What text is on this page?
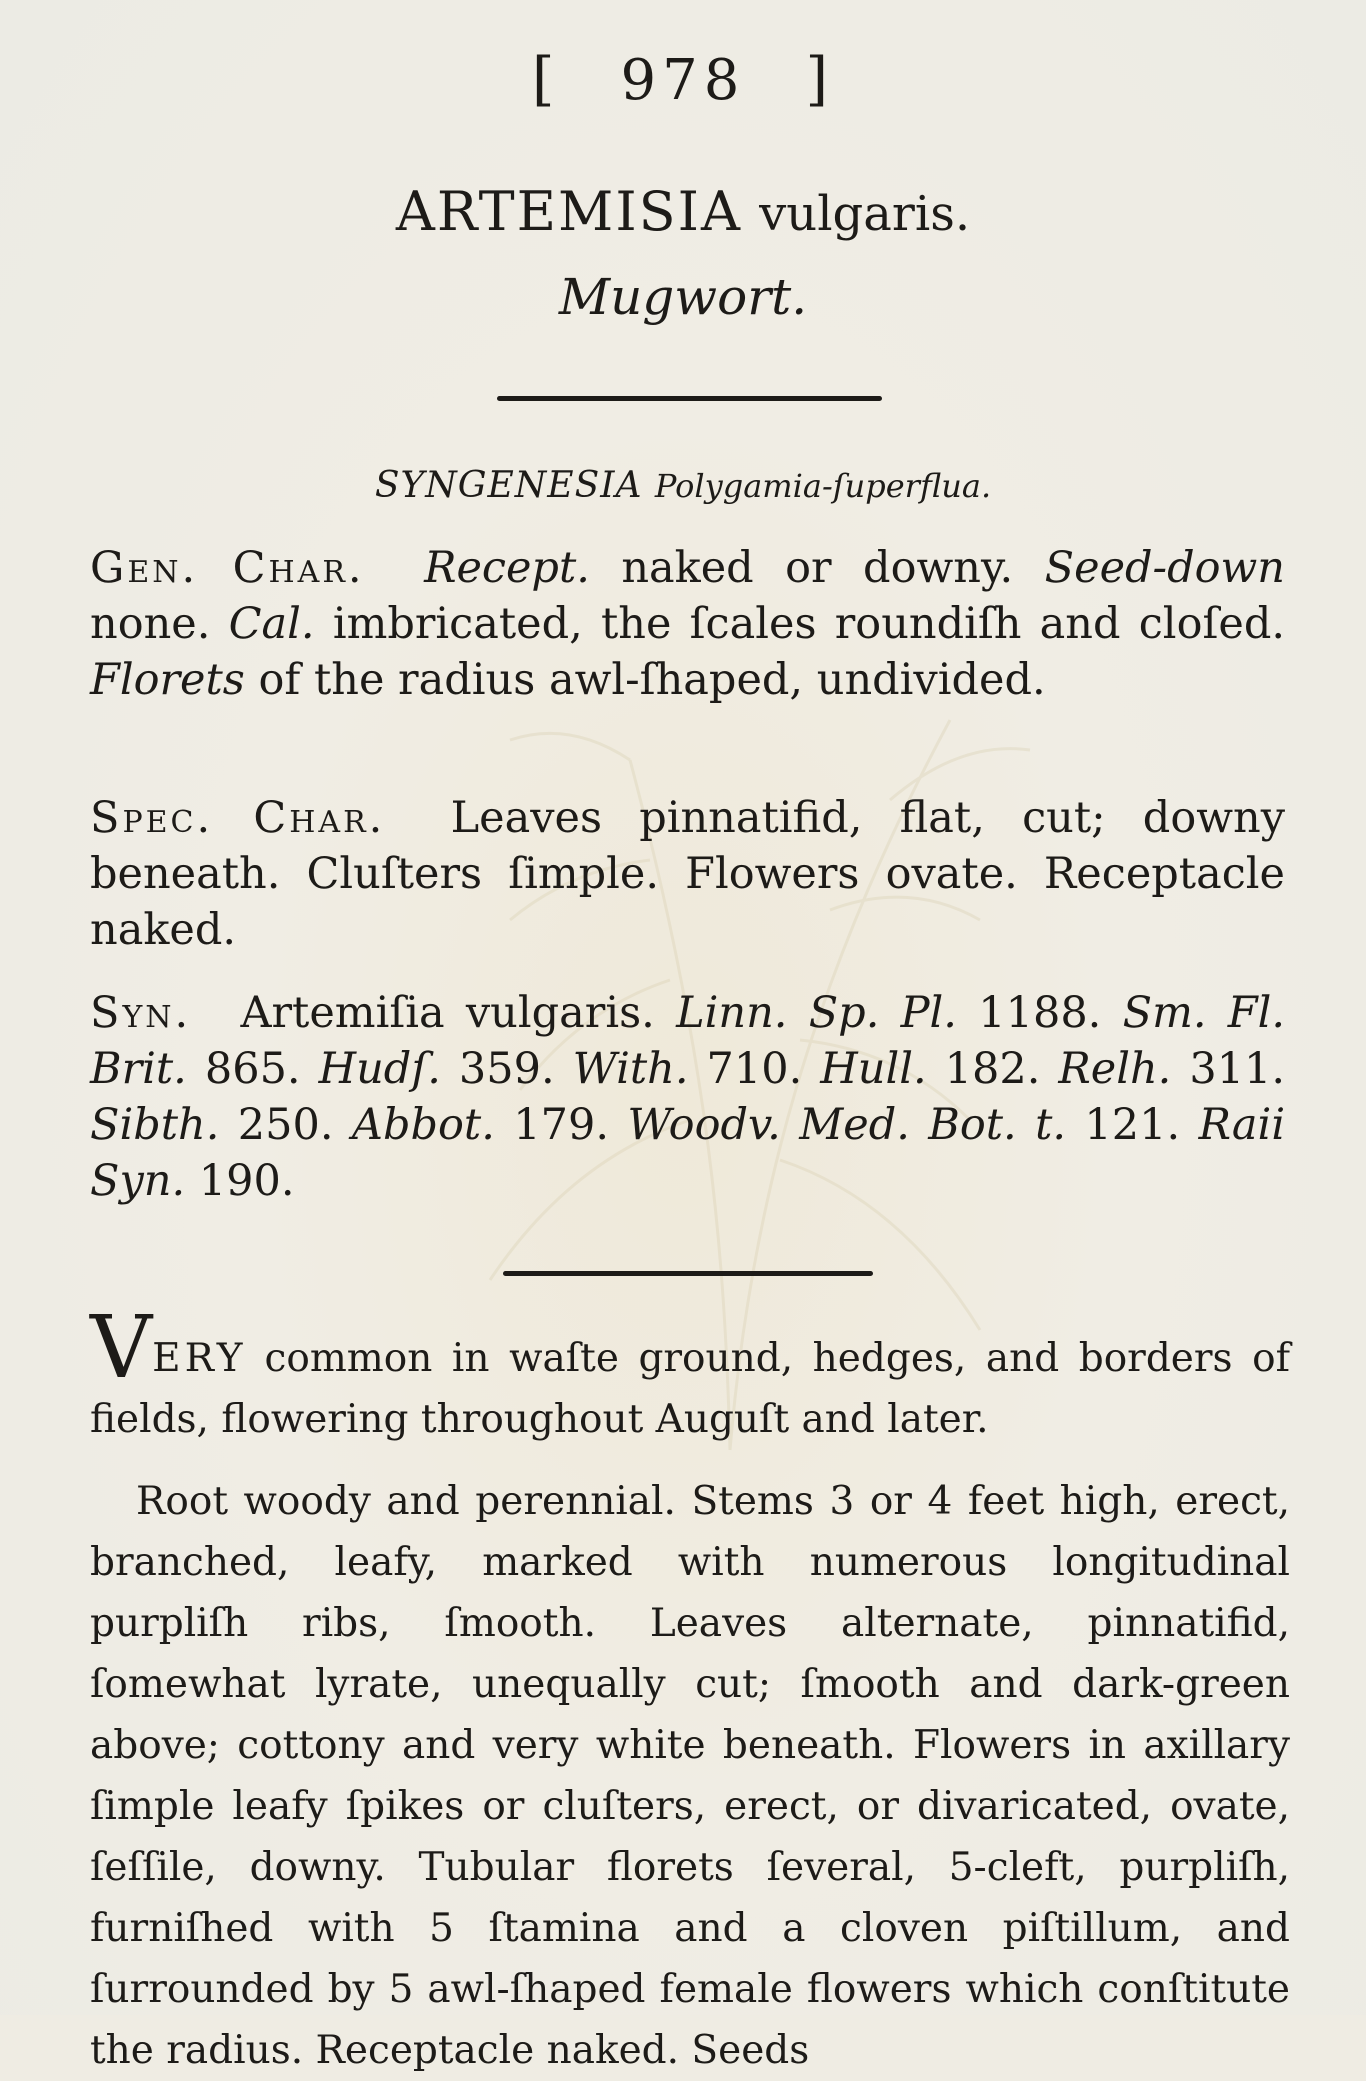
[ 978 ]
ARTEMISIA vulgaris.
Mugwort.
SYNGENESIA Polygamia-ſuperflua.
Gen. Char. Recept. naked or downy. Seed-down none. Cal. imbricated, the ſcales roundiſh and cloſed. Florets of the radius awl-ſhaped, undivided.
Spec. Char. Leaves pinnatifid, flat, cut; downy beneath. Cluſters ſimple. Flowers ovate. Receptacle naked.
Syn. Artemiſia vulgaris. Linn. Sp. Pl. 1188. Sm. Fl. Brit. 865. Hudſ. 359. With. 710. Hull. 182. Relh. 311. Sibth. 250. Abbot. 179. Woodv. Med. Bot. t. 121. Raii Syn. 190.
VERY common in waſte ground, hedges, and borders of fields, flowering throughout Auguſt and later.
Root woody and perennial. Stems 3 or 4 feet high, erect, branched, leafy, marked with numerous longitudinal purpliſh ribs, ſmooth. Leaves alternate, pinnatifid, ſomewhat lyrate, unequally cut; ſmooth and dark-green above; cottony and very white beneath. Flowers in axillary ſimple leafy ſpikes or cluſters, erect, or divaricated, ovate, ſeſſile, downy. Tubular florets ſeveral, 5-cleft, purpliſh, furniſhed with 5 ſtamina and a cloven piſtillum, and ſurrounded by 5 awl-ſhaped female flowers which conſtitute the radius. Receptacle naked. Seeds
